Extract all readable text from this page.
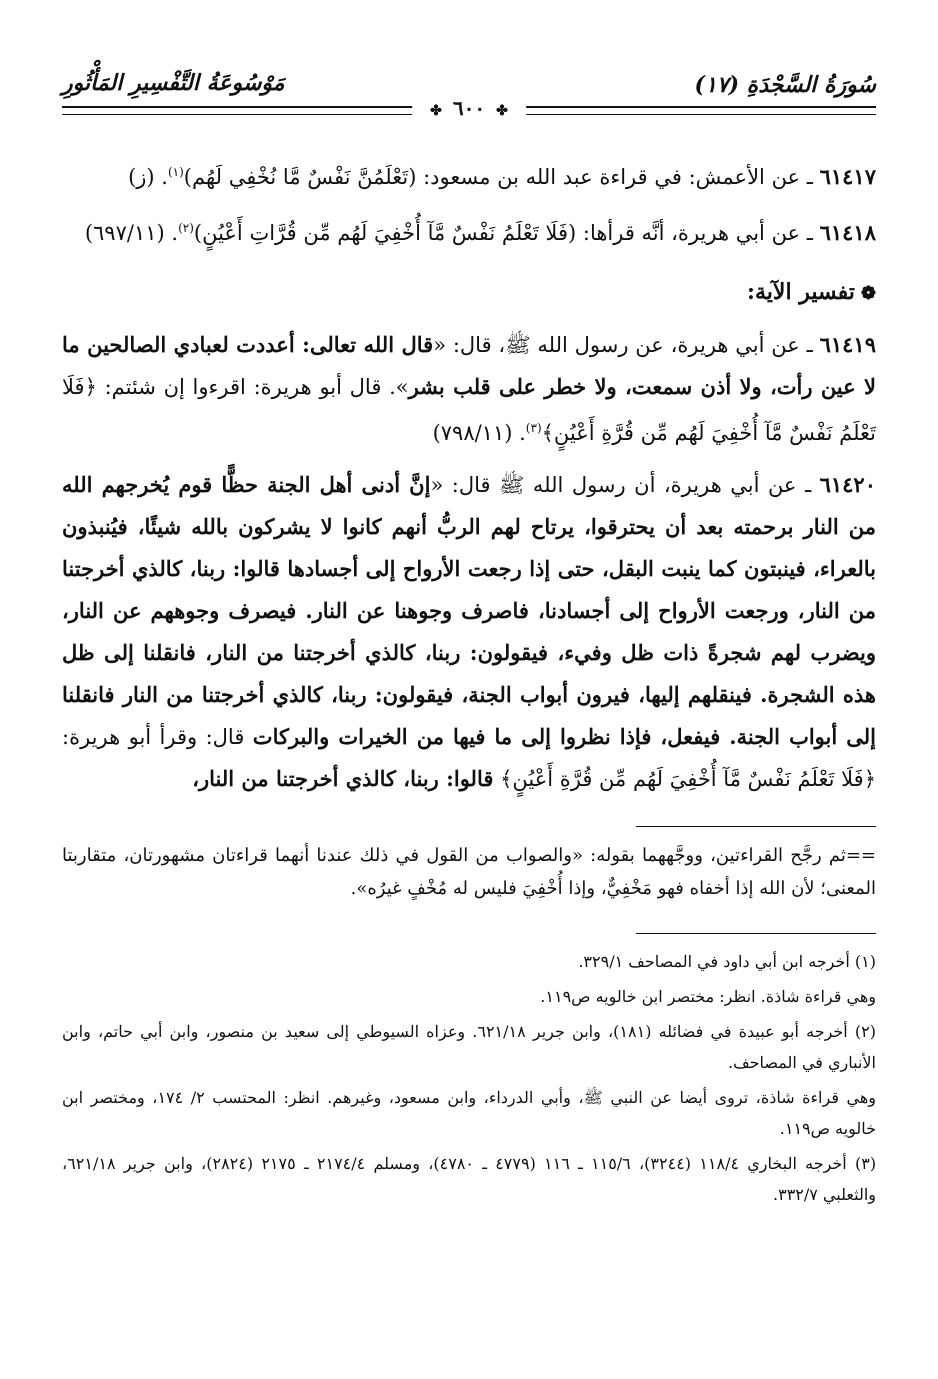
سُورَةُ السَّجْدَةِ (١٧)
مَوْسُوعَةُ التَّفْسِيرِ المَأْثُورِ
✤ ٦٠٠ ✤

٦١٤١٧ ـ عن الأعمش: في قراءة عبد الله بن مسعود: (تَعْلَمُنَّ نَفْسٌ مَّا نُخْفِي لَهُم)$^{(١)}$. (ز)

٦١٤١٨ ـ عن أبي هريرة، أنَّه قرأها: (فَلَا تَعْلَمُ نَفْسٌ مَّآ أُخْفِيَ لَهُم مِّن قُرَّاتِ أَعْيُنٍ)$^{(٢)}$. (٦٩٧/١١)

❁تفسير الآية:

٦١٤١٩ ـ عن أبي هريرة، عن رسول الله ﷺ، قال: «قال الله تعالى: أعددت لعبادي الصالحين ما لا عين رأت، ولا أذن سمعت، ولا خطر على قلب بشر». قال أبو هريرة: اقرءوا إن شئتم: ﴿فَلَا تَعْلَمُ نَفْسٌ مَّآ أُخْفِيَ لَهُم مِّن قُرَّةِ أَعْيُنٍ﴾$^{(٣)}$. (٧٩٨/١١)

٦١٤٢٠ ـ عن أبي هريرة، أن رسول الله ﷺ قال: «إنَّ أدنى أهل الجنة حظًّا قوم يُخرجهم الله من النار برحمته بعد أن يحترقوا، يرتاح لهم الربُّ أنهم كانوا لا يشركون بالله شيئًا، فيُنبذون بالعراء، فينبتون كما ينبت البقل، حتى إذا رجعت الأرواح إلى أجسادها قالوا: ربنا، كالذي أخرجتنا من النار، ورجعت الأرواح إلى أجسادنا، فاصرف وجوهنا عن النار. فيصرف وجوههم عن النار، ويضرب لهم شجرةً ذات ظل وفيء، فيقولون: ربنا، كالذي أخرجتنا من النار، فانقلنا إلى ظل هذه الشجرة. فينقلهم إليها، فيرون أبواب الجنة، فيقولون: ربنا، كالذي أخرجتنا من النار فانقلنا إلى أبواب الجنة. فيفعل، فإذا نظروا إلى ما فيها من الخيرات والبركات قال: وقرأ أبو هريرة: ﴿فَلَا تَعْلَمُ نَفْسٌ مَّآ أُخْفِيَ لَهُم مِّن قُرَّةِ أَعْيُنٍ﴾ قالوا: ربنا، كالذي أخرجتنا من النار،

==ثم رجَّح القراءتين، ووجَّههما بقوله: «والصواب من القول في ذلك عندنا أنهما قراءتان مشهورتان، متقاربتا المعنى؛ لأن الله إذا أخفاه فهو مَخْفِيٌّ، وإذا أُخْفِيَ فليس له مُخْفٍ غيرُه».

(١) أخرجه ابن أبي داود في المصاحف ٣٢٩/١.

وهي قراءة شاذة. انظر: مختصر ابن خالويه ص١١٩.

(٢) أخرجه أبو عبيدة في فضائله (١٨١)، وابن جرير ٦٢١/١٨. وعزاه السيوطي إلى سعيد بن منصور، وابن أبي حاتم، وابن الأنباري في المصاحف.

وهي قراءة شاذة، تروى أيضا عن النبي ﷺ، وأبي الدرداء، وابن مسعود، وغيرهم. انظر: المحتسب ٢/ ١٧٤، ومختصر ابن خالويه ص١١٩.

(٣) أخرجه البخاري ١١٨/٤ (٣٢٤٤)، ١١٥/٦ ـ ١١٦ (٤٧٧٩ ـ ٤٧٨٠)، ومسلم ٢١٧٤/٤ ـ ٢١٧٥ (٢٨٢٤)، وابن جرير ٦٢١/١٨، والثعلبي ٣٣٢/٧.
